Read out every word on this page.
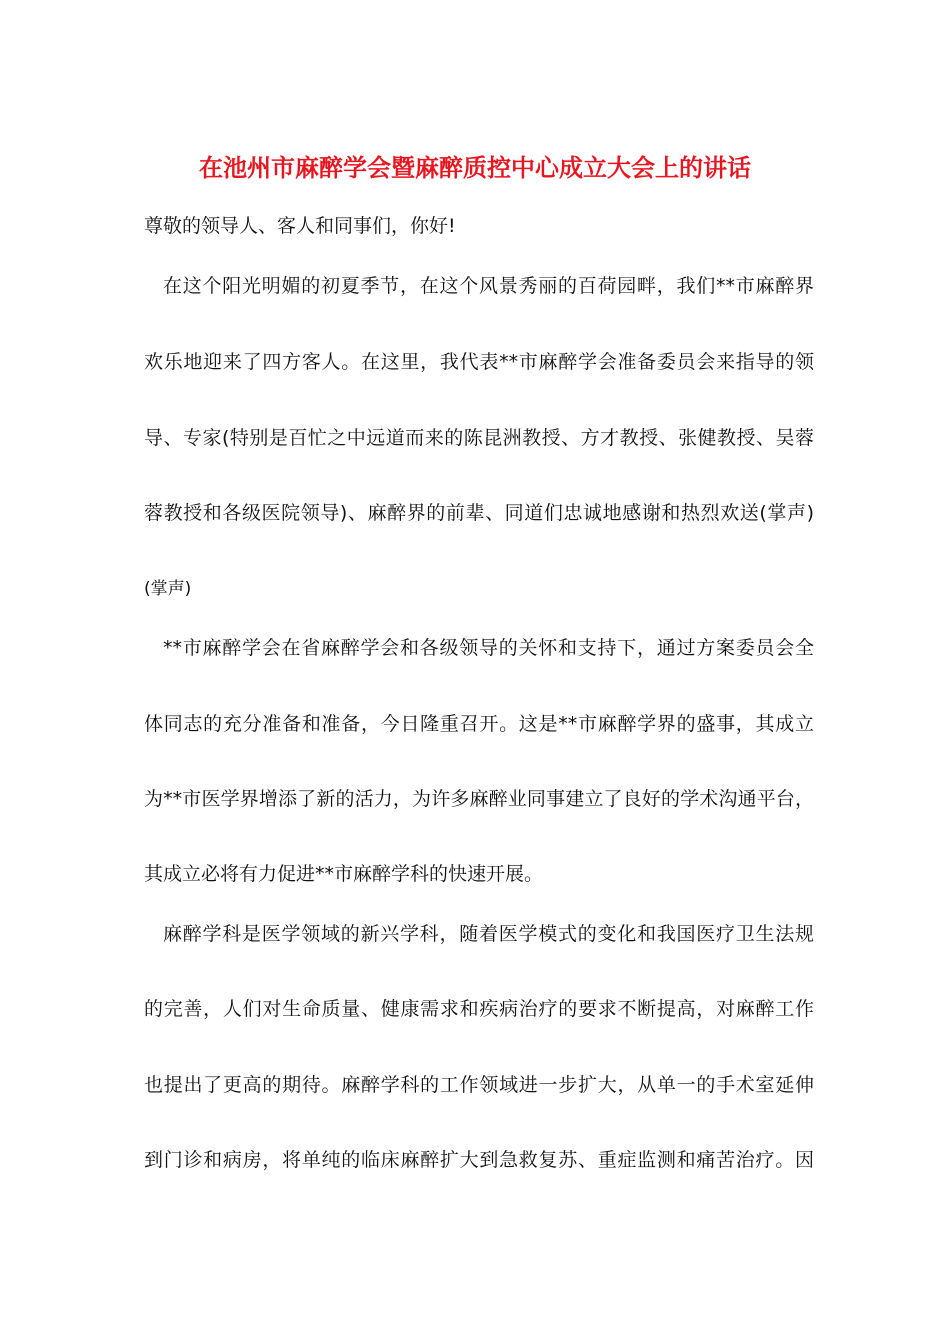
在池州市麻醉学会暨麻醉质控中心成立大会上的讲话
尊敬的领导人、客人和同事们，你好!
在这个阳光明媚的初夏季节，在这个风景秀丽的百荷园畔，我们**市麻醉界
欢乐地迎来了四方客人。在这里，我代表**市麻醉学会准备委员会来指导的领
导、专家(特别是百忙之中远道而来的陈昆洲教授、方才教授、张健教授、吴蓉
蓉教授和各级医院领导)、麻醉界的前辈、同道们忠诚地感谢和热烈欢送(掌声)
(掌声)
**市麻醉学会在省麻醉学会和各级领导的关怀和支持下，通过方案委员会全
体同志的充分准备和准备，今日隆重召开。这是**市麻醉学界的盛事，其成立
为**市医学界增添了新的活力，为许多麻醉业同事建立了良好的学术沟通平台，
其成立必将有力促进**市麻醉学科的快速开展。
麻醉学科是医学领域的新兴学科，随着医学模式的变化和我国医疗卫生法规
的完善，人们对生命质量、健康需求和疾病治疗的要求不断提高，对麻醉工作
也提出了更高的期待。麻醉学科的工作领域进一步扩大，从单一的手术室延伸
到门诊和病房，将单纯的临床麻醉扩大到急救复苏、重症监测和痛苦治疗。因
